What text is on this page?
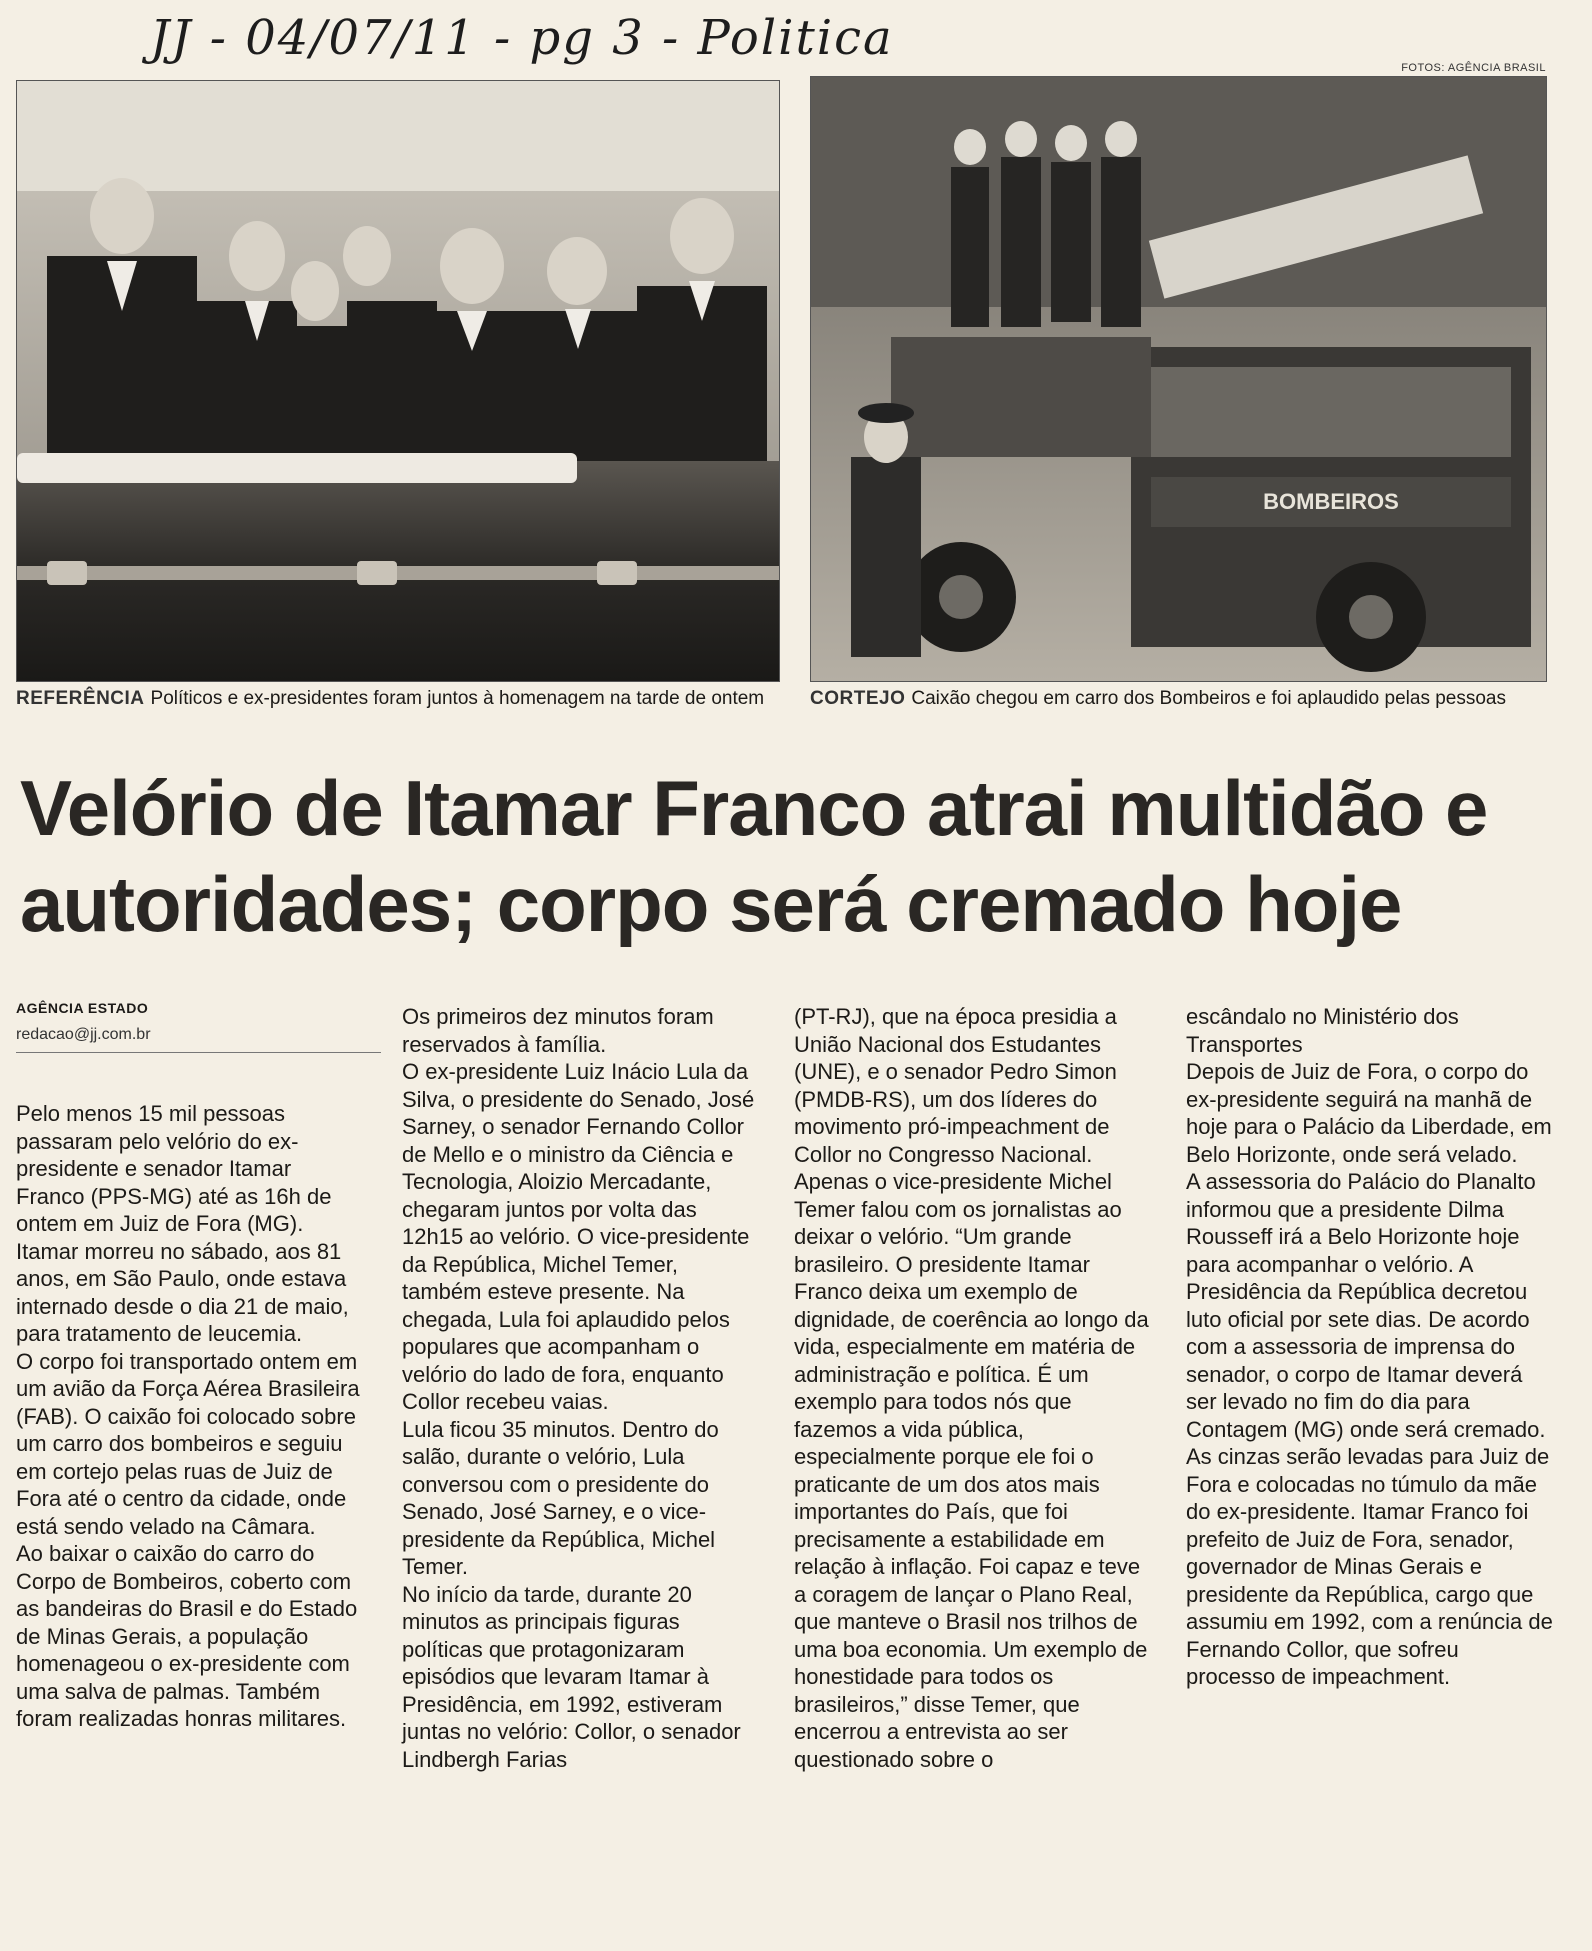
JJ - 04/07/11 - pg 3 - Politica
FOTOS: AGÊNCIA BRASIL
REFERÊNCIA Políticos e ex-presidentes foram juntos à homenagem na tarde de ontem
BOMBEIROS
CORTEJO Caixão chegou em carro dos Bombeiros e foi aplaudido pelas pessoas
Velório de Itamar Franco atrai multidão e autoridades; corpo será cremado hoje
AGÊNCIA ESTADO
redacao@jj.com.br

Pelo menos 15 mil pessoas passaram pelo velório do ex-presidente e senador Itamar Franco (PPS-MG) até as 16h de ontem em Juiz de Fora (MG). Itamar morreu no sábado, aos 81 anos, em São Paulo, onde estava internado desde o dia 21 de maio, para tratamento de leucemia.

O corpo foi transportado ontem em um avião da Força Aérea Brasileira (FAB). O caixão foi colocado sobre um carro dos bombeiros e seguiu em cortejo pelas ruas de Juiz de Fora até o centro da cidade, onde está sendo velado na Câmara.

Ao baixar o caixão do carro do Corpo de Bombeiros, coberto com as bandeiras do Brasil e do Estado de Minas Gerais, a população homenageou o ex-presidente com uma salva de palmas. Também foram realizadas honras militares.

Os primeiros dez minutos foram reservados à família.

O ex-presidente Luiz Inácio Lula da Silva, o presidente do Senado, José Sarney, o senador Fernando Collor de Mello e o ministro da Ciência e Tecnologia, Aloizio Mercadante, chegaram juntos por volta das 12h15 ao velório. O vice-presidente da República, Michel Temer, também esteve presente. Na chegada, Lula foi aplaudido pelos populares que acompanham o velório do lado de fora, enquanto Collor recebeu vaias.

Lula ficou 35 minutos. Dentro do salão, durante o velório, Lula conversou com o presidente do Senado, José Sarney, e o vice-presidente da República, Michel Temer.

No início da tarde, durante 20 minutos as principais figuras políticas que protagonizaram episódios que levaram Itamar à Presidência, em 1992, estiveram juntas no velório: Collor, o senador Lindbergh Farias

(PT-RJ), que na época presidia a União Nacional dos Estudantes (UNE), e o senador Pedro Simon (PMDB-RS), um dos líderes do movimento pró-impeachment de Collor no Congresso Nacional.

Apenas o vice-presidente Michel Temer falou com os jornalistas ao deixar o velório. “Um grande brasileiro. O presidente Itamar Franco deixa um exemplo de dignidade, de coerência ao longo da vida, especialmente em matéria de administração e política. É um exemplo para todos nós que fazemos a vida pública, especialmente porque ele foi o praticante de um dos atos mais importantes do País, que foi precisamente a estabilidade em relação à inflação. Foi capaz e teve a coragem de lançar o Plano Real, que manteve o Brasil nos trilhos de uma boa economia. Um exemplo de honestidade para todos os brasileiros,” disse Temer, que encerrou a entrevista ao ser questionado sobre o

escândalo no Ministério dos Transportes

Depois de Juiz de Fora, o corpo do ex-presidente seguirá na manhã de hoje para o Palácio da Liberdade, em Belo Horizonte, onde será velado.

A assessoria do Palácio do Planalto informou que a presidente Dilma Rousseff irá a Belo Horizonte hoje para acompanhar o velório. A Presidência da República decretou luto oficial por sete dias. De acordo com a assessoria de imprensa do senador, o corpo de Itamar deverá ser levado no fim do dia para Contagem (MG) onde será cremado.

As cinzas serão levadas para Juiz de Fora e colocadas no túmulo da mãe do ex-presidente. Itamar Franco foi prefeito de Juiz de Fora, senador, governador de Minas Gerais e presidente da República, cargo que assumiu em 1992, com a renúncia de Fernando Collor, que sofreu processo de impeachment.
